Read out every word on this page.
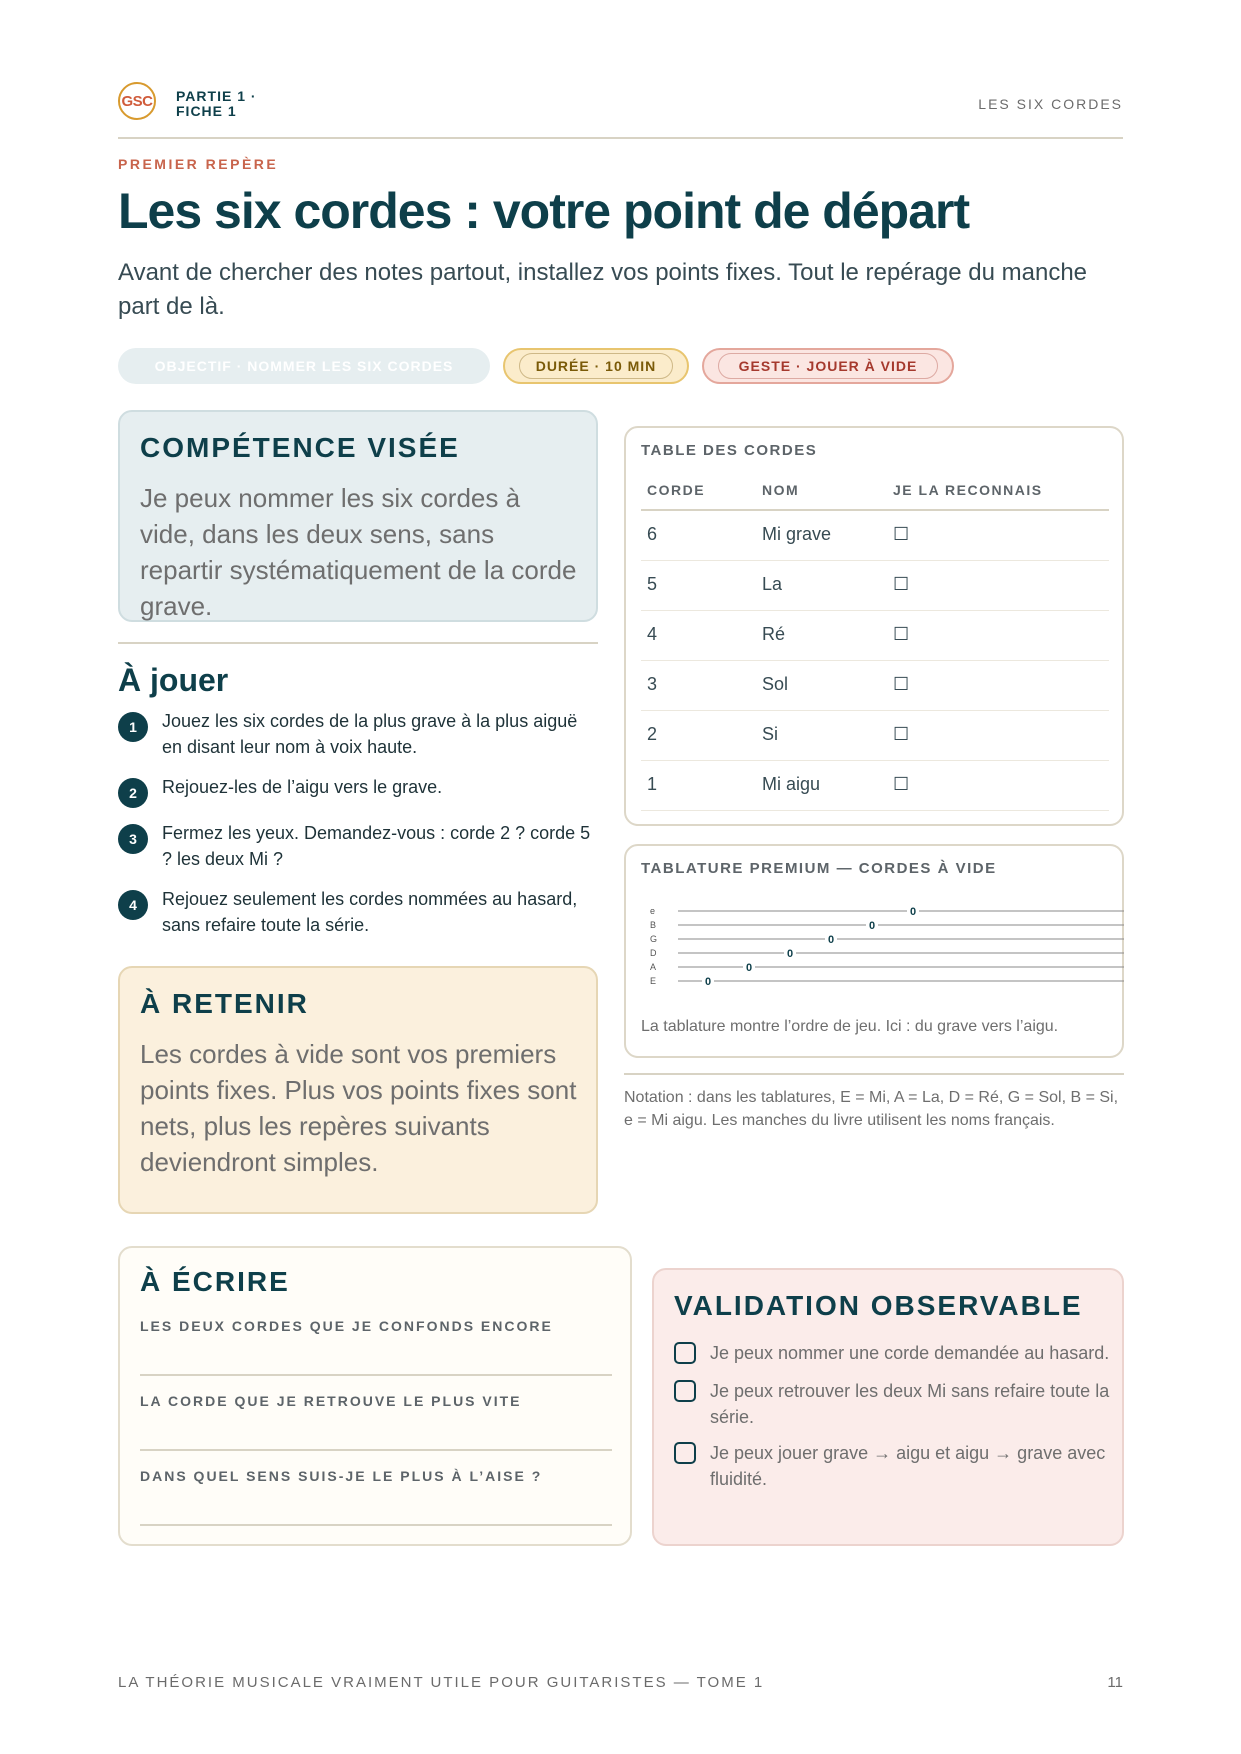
GSC PARTIE 1 · FICHE 1	LES SIX CORDES
PREMIER REPÈRE
Les six cordes : votre point de départ
Avant de chercher des notes partout, installez vos points fixes. Tout le repérage du manche part de là.
OBJECTIF · NOMMER LES SIX CORDES	DURÉE · 10 MIN	GESTE · JOUER À VIDE
COMPÉTENCE VISÉE
Je peux nommer les six cordes à vide, dans les deux sens, sans repartir systématiquement de la corde grave.
À jouer
1	Jouez les six cordes de la plus grave à la plus aiguë en disant leur nom à voix haute.
2	Rejouez-les de l’aigu vers le grave.
3	Fermez les yeux. Demandez-vous : corde 2 ? corde 5 ? les deux Mi ?
4	Rejouez seulement les cordes nommées au hasard, sans refaire toute la série.
À RETENIR
Les cordes à vide sont vos premiers points fixes. Plus vos points fixes sont nets, plus les repères suivants deviendront simples.
TABLE DES CORDES
CORDE	NOM	JE LA RECONNAIS
6	Mi grave	☐
5	La	☐
4	Ré	☐
3	Sol	☐
2	Si	☐
1	Mi aigu	☐
TABLATURE PREMIUM — CORDES À VIDE
e
B
G
D
A
E	0
0
0
0
0
0
La tablature montre l’ordre de jeu. Ici : du grave vers l’aigu.
Notation : dans les tablatures, E = Mi, A = La, D = Ré, G = Sol, B = Si, e = Mi aigu. Les manches du livre utilisent les noms français.
À ÉCRIRE
LES DEUX CORDES QUE JE CONFONDS ENCORE
LA CORDE QUE JE RETROUVE LE PLUS VITE
DANS QUEL SENS SUIS-JE LE PLUS À L’AISE ?
VALIDATION OBSERVABLE
Je peux nommer une corde demandée au hasard.
Je peux retrouver les deux Mi sans refaire toute la série.
Je peux jouer grave → aigu et aigu → grave avec fluidité.
LA THÉORIE MUSICALE VRAIMENT UTILE POUR GUITARISTES — TOME 1	11
